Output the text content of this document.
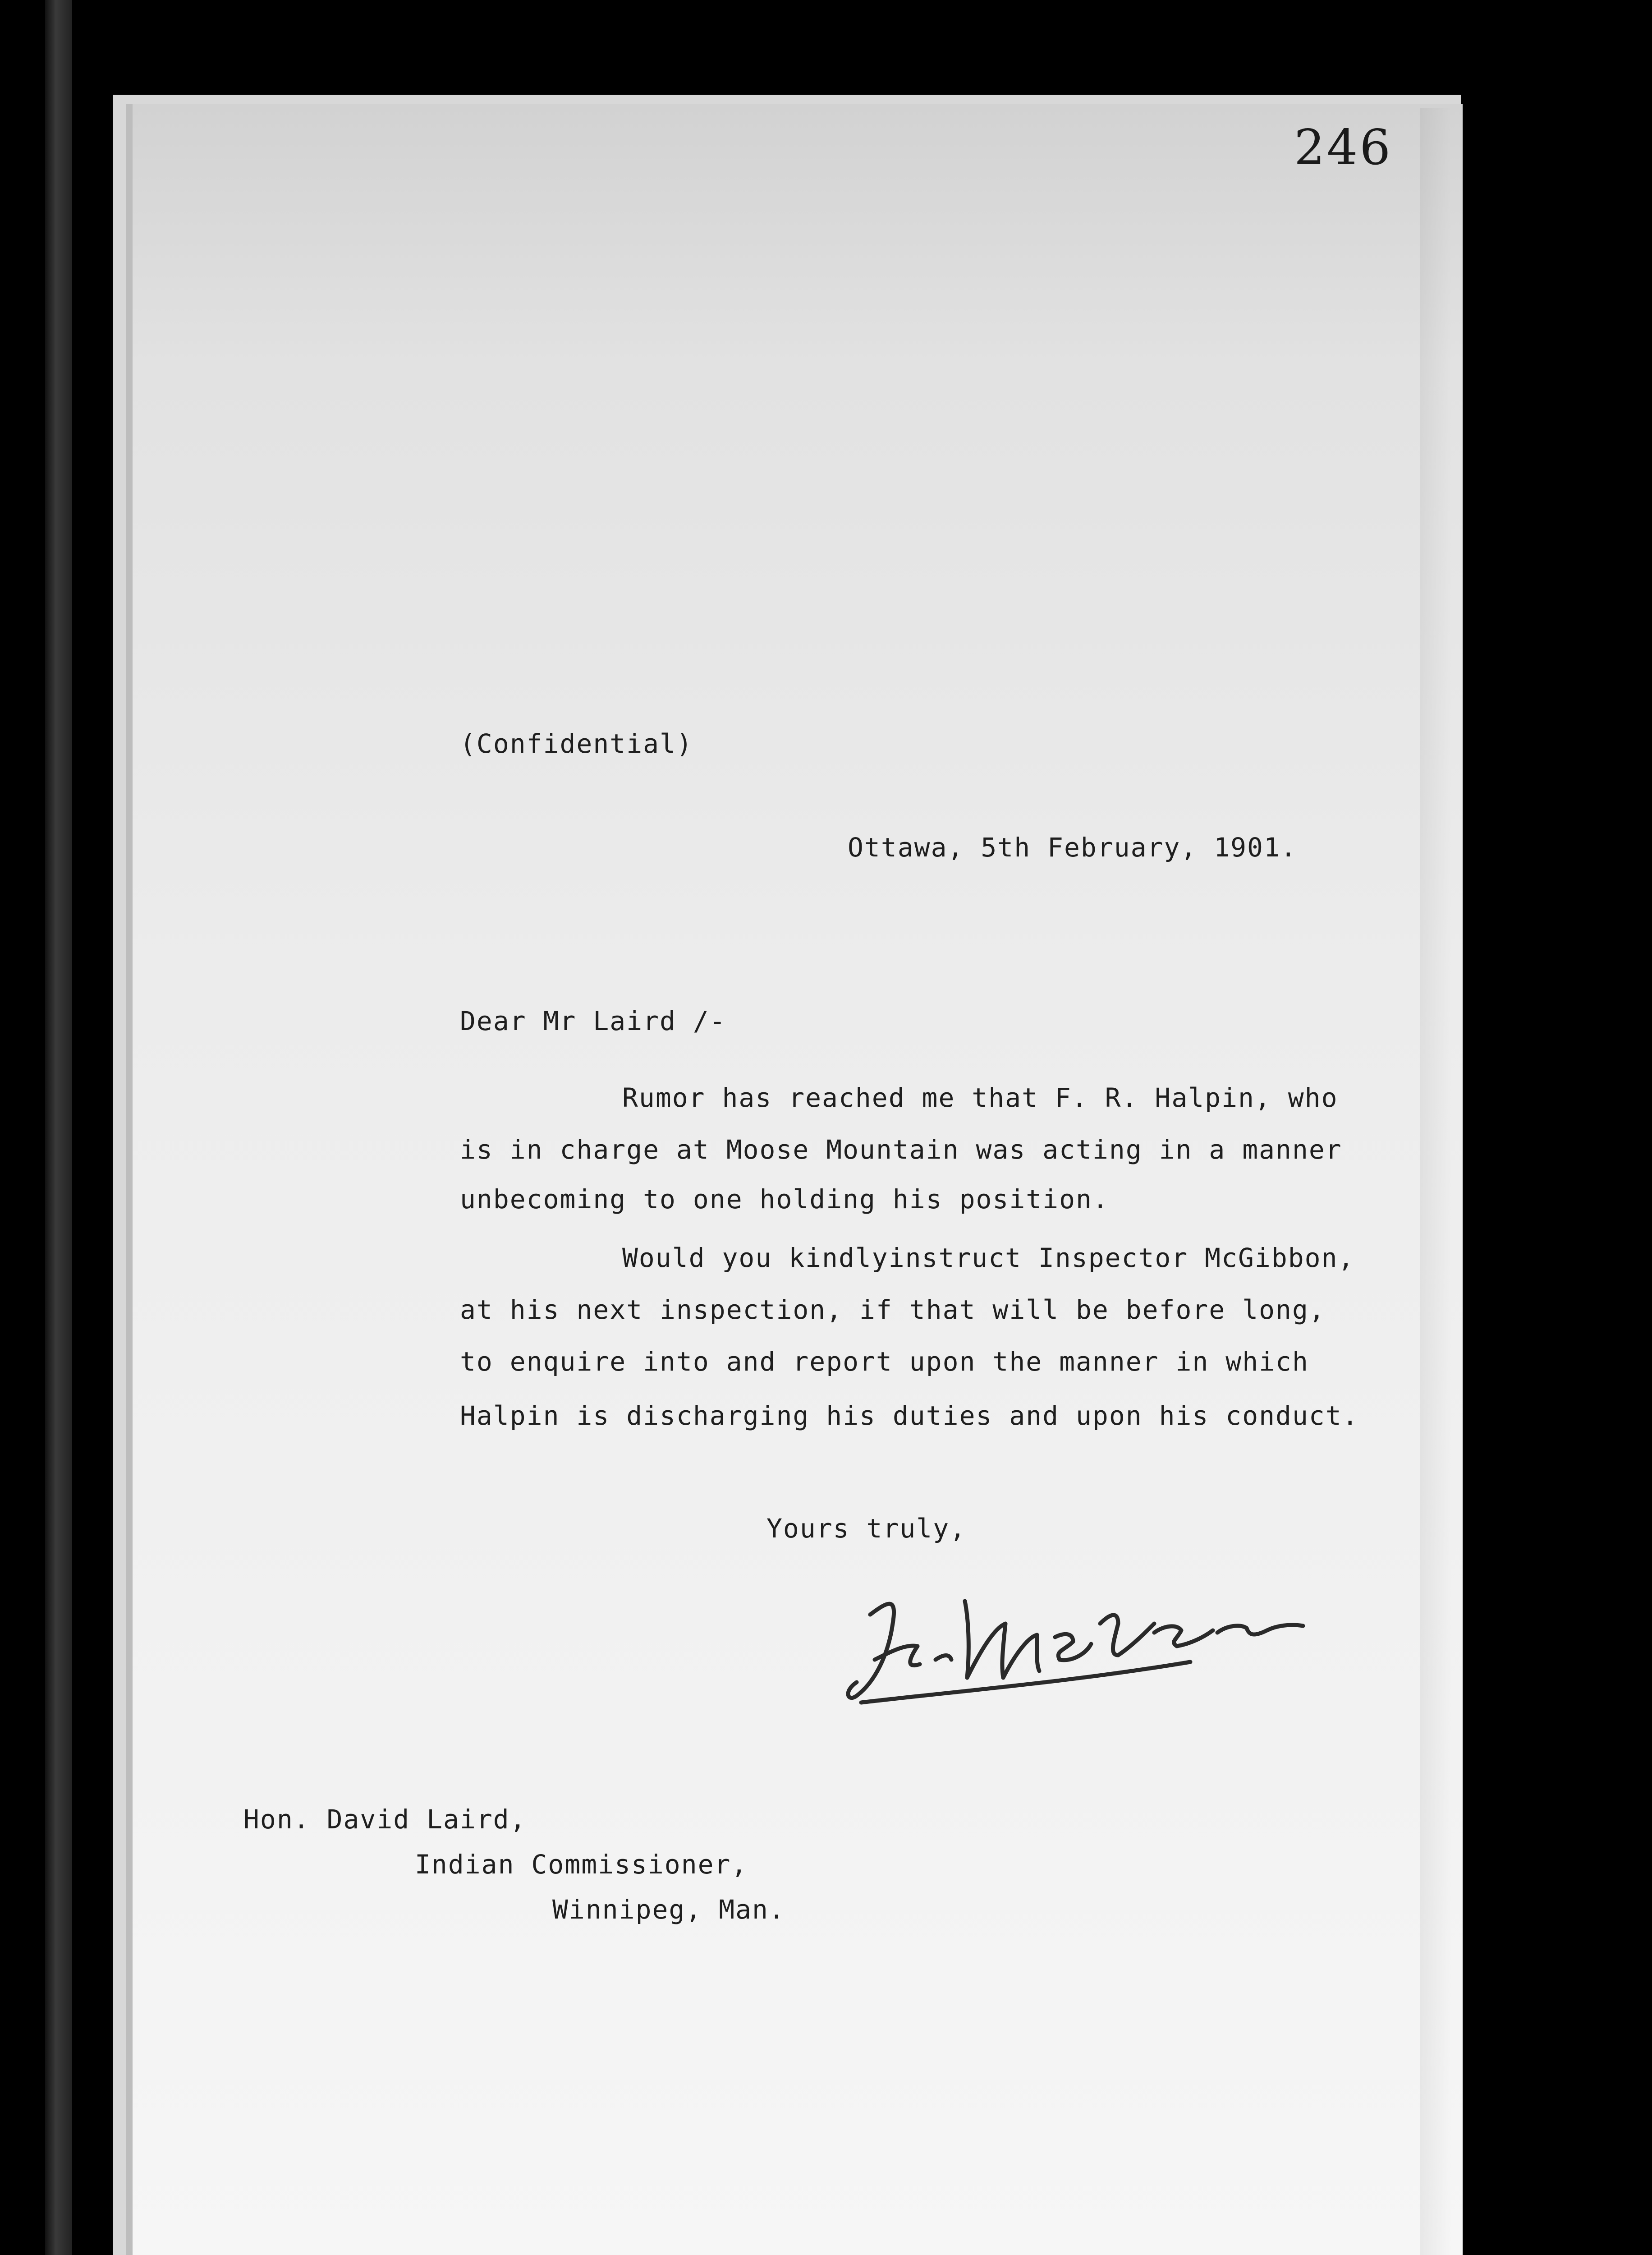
246
(Confidential)
Ottawa, 5th February, 1901.
Dear Mr Laird /-
Rumor has reached me that F. R. Halpin, who
is in charge at Moose Mountain was acting in a manner
unbecoming to one holding his position.
Would you kindlyinstruct Inspector McGibbon,
at his next inspection, if that will be before long,
to enquire into and report upon the manner in which
Halpin is discharging his duties and upon his conduct.
Yours truly,
Hon. David Laird,
Indian Commissioner,
Winnipeg, Man.
